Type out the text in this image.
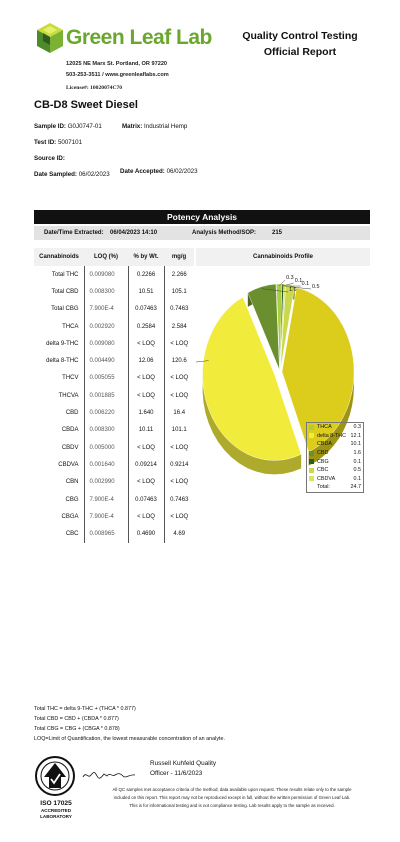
Green Leaf Lab
12025 NE Marx St. Portland, OR 97220
503-253-3511 / www.greenleaflabs.com
License#: 10020074C70
Quality Control Testing
Official Report
CB-D8 Sweet Diesel
Sample ID: G0J0747-01	Matrix: Industrial Hemp
Test ID: 5007101
Source ID:
Date Sampled: 06/02/2023 Date Accepted: 06/02/2023
Potency Analysis
Date/Time Extracted: 06/04/2023 14:10	Analysis Method/SOP:	215
Cannabinoids	LOQ (%)	% by Wt.	mg/g
Total THC	0.009080	0.2266	2.266
Total CBD	0.008300	10.51	105.1
Total CBG	7.900E-4	0.07463	0.7463
THCA	0.002920	0.2584	2.584
delta 9-THC	0.009080	< LOQ	< LOQ
delta 8-THC	0.004490	12.06	120.6
THCV	0.005055	< LOQ	< LOQ
THCVA	0.001885	< LOQ	< LOQ
CBD	0.006220	1.640	16.4
CBDA	0.008300	10.11	101.1
CBDV	0.005000	< LOQ	< LOQ
CBDVA	0.001640	0.09214	0.9214
CBN	0.002990	< LOQ	< LOQ
CBG	7.900E-4	0.07463	0.7463
CBGA	7.900E-4	< LOQ	< LOQ
CBC	0.008965	0.4690	4.69
Cannabinoids Profile
0.3 0.1 0.1 0.5
1.6
THCA	0.3
delta 8-THC 12.1
CBDA	10.1
CBD	1.6
CBG	0.1
CBC	0.5
CBDVA	0.1
Total:	24.7
Total THC = delta 9-THC + (THCA * 0.877)
Total CBD = CBD + (CBDA * 0.877)
Total CBG = CBG + (CBGA * 0.878)
LOQ=Limit of Quantification, the lowest measurable concentration of an analyte.
ISO 17025
ACCREDITED
LABORATORY
Russell Kuhfeld Quality
Officer - 11/6/2023
All QC samples met acceptance criteria of the method; data available upon request. These results relate only to the sample
included on this report. This report may not be reproduced except in full, without the written permission of Green Leaf Lab.
This is for informational testing and is not compliance testing. Lab results apply to the sample as received.
